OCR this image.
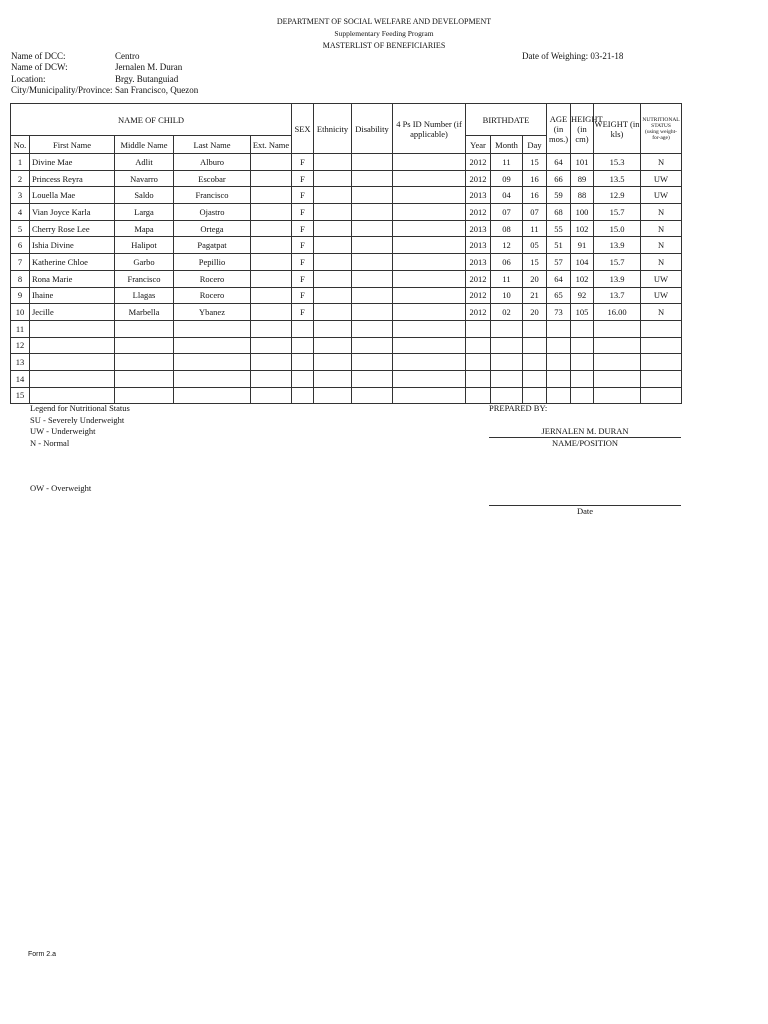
DEPARTMENT OF SOCIAL WELFARE AND DEVELOPMENT
Supplementary Feeding Program
MASTERLIST OF BENEFICIARIES
Name of DCC:	Centro
Name of DCW:	Jernalen M. Duran
Location:	Brgy. Butanguiad
City/Municipality/Province: San Francisco, Quezon
Date of Weighing: 03-21-18
NAME OF CHILD					SEX	Ethnicity	Disability	4 Ps ID Number (if applicable)	BIRTHDATE			AGE (in mos.)	HEIGHT (in cm)	WEIGHT (in kls)	NUTRITIONAL STATUS
(using weight-for-age)

No.	First Name	Middle Name	Last Name	Ext. Name					Year	Month	Day				
1	Divine Mae	Adlit	Alburo		F				2012	11	15	64	101	15.3	N
2	Princess Reyra	Navarro	Escobar		F				2012	09	16	66	89	13.5	UW
3	Louella Mae	Saldo	Francisco		F				2013	04	16	59	88	12.9	UW
4	Vian Joyce Karla	Larga	Ojastro		F				2012	07	07	68	100	15.7	N
5	Cherry Rose Lee	Mapa	Ortega		F				2013	08	11	55	102	15.0	N
6	Ishia Divine	Halipot	Pagatpat		F				2013	12	05	51	91	13.9	N
7	Katherine Chloe	Garbo	Pepillio		F				2013	06	15	57	104	15.7	N
8	Rona Marie	Francisco	Rocero		F				2012	11	20	64	102	13.9	UW
9	Ihaine	Llagas	Rocero		F				2012	10	21	65	92	13.7	UW
10	Jecille	Marbella	Ybanez		F				2012	02	20	73	105	16.00	N
11															
12															
13															
14															
15															
Legend for Nutritional Status
SU - Severely Underweight
UW - Underweight
N - Normal
OW - Overweight
PREPARED BY:
JERNALEN M. DURAN
NAME/POSITION
Date
Form 2.a
